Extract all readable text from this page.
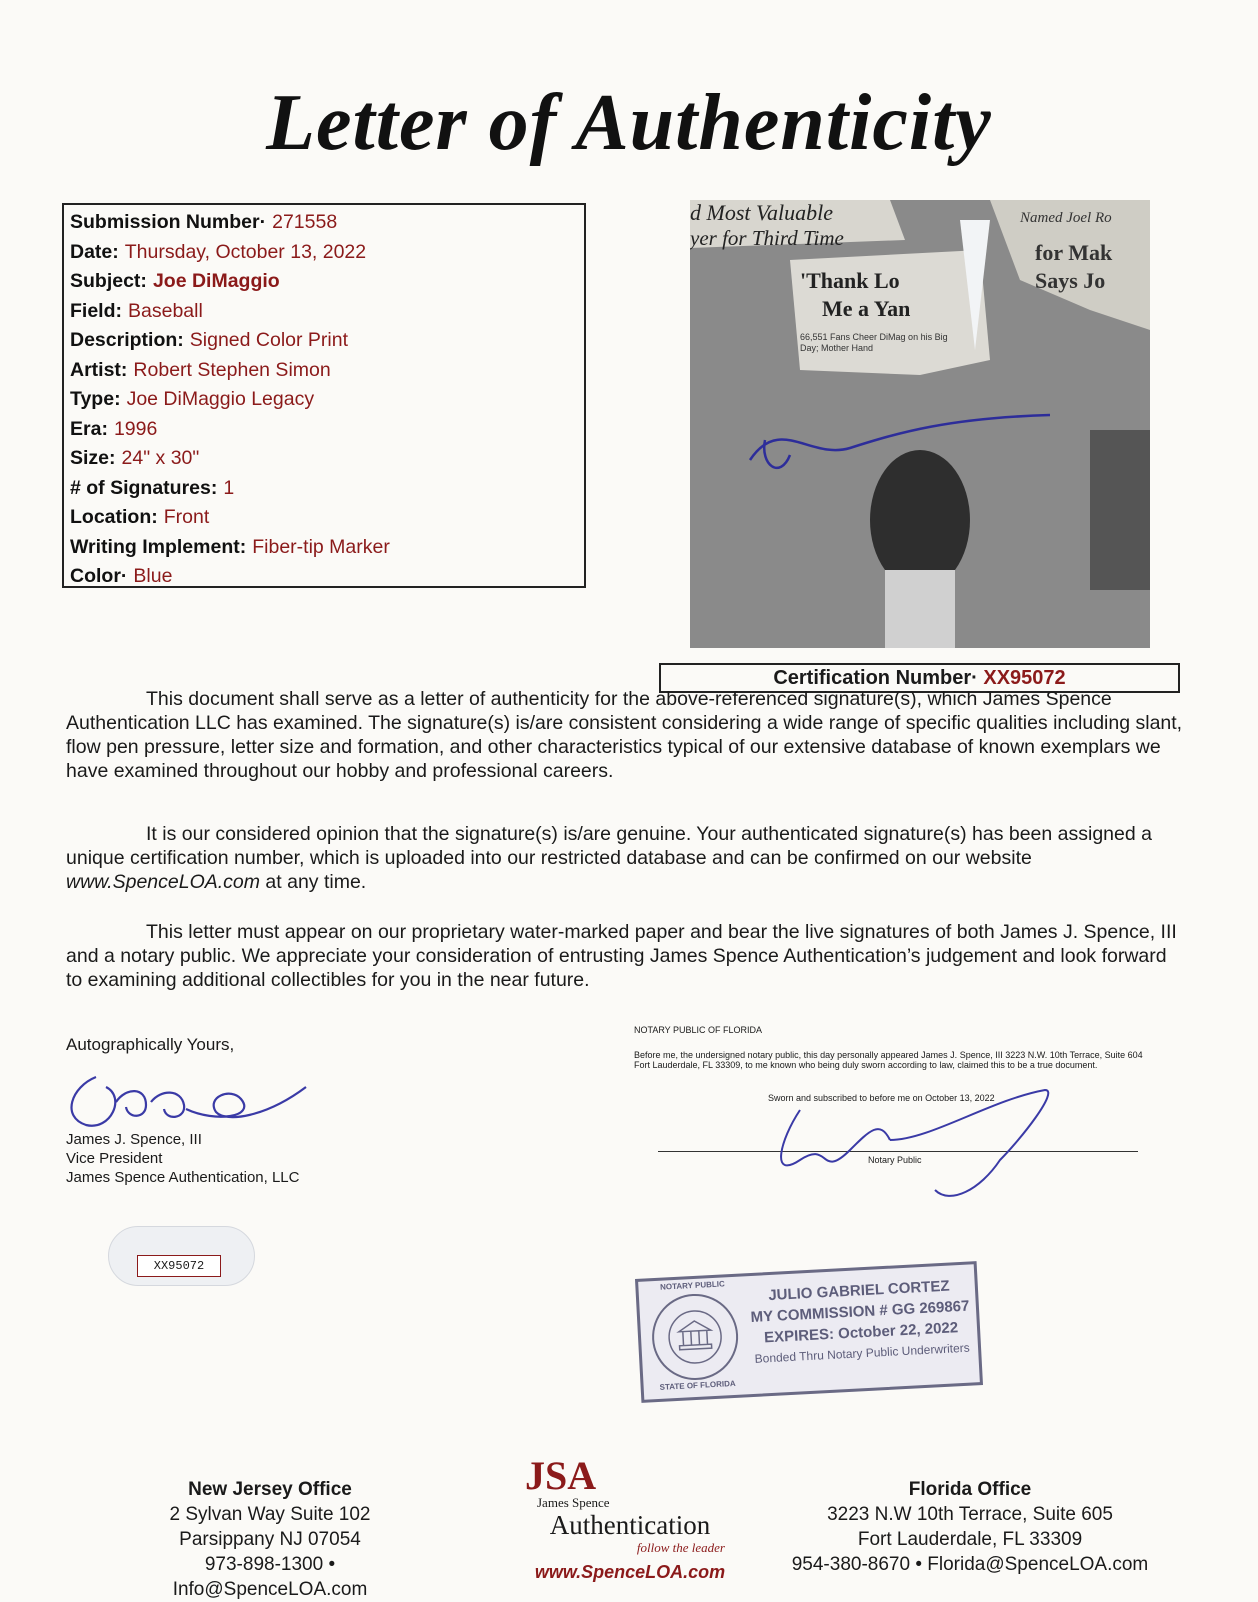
Letter of Authenticity
Submission Number· 271558
Date: Thursday, October 13, 2022
Subject: Joe DiMaggio
Field: Baseball
Description: Signed Color Print
Artist: Robert Stephen Simon
Type: Joe DiMaggio Legacy
Era: 1996
Size: 24" x 30"
# of Signatures: 1
Location: Front
Writing Implement: Fiber-tip Marker
Color· Blue
d Most Valuable
yer for Third Time
'Thank Lo
Me a Yan
Named Joel Ro
for Mak
Says Jo
66,551 Fans Cheer DiMag on his Big Day; Mother Hand
Certification Number· XX95072

This document shall serve as a letter of authenticity for the above-referenced signature(s), which James Spence Authentication LLC has examined. The signature(s) is/are consistent considering a wide range of specific qualities including slant, flow pen pressure, letter size and formation, and other characteristics typical of our extensive database of known exemplars we have examined throughout our hobby and professional careers.

It is our considered opinion that the signature(s) is/are genuine. Your authenticated signature(s) has been assigned a unique certification number, which is uploaded into our restricted database and can be confirmed on our website www.SpenceLOA.com at any time.

This letter must appear on our proprietary water-marked paper and bear the live signatures of both James J. Spence, III and a notary public. We appreciate your consideration of entrusting James Spence Authentication’s judgement and look forward to examining additional collectibles for you in the near future.

Autographically Yours,
James J. Spence, III
Vice President
James Spence Authentication, LLC
XX95072
NOTARY PUBLIC OF FLORIDA
Before me, the undersigned notary public, this day personally appeared James J. Spence, III 3223 N.W. 10th Terrace, Suite 604 Fort Lauderdale, FL 33309, to me known who being duly sworn according to law, claimed this to be a true document.
Sworn and subscribed to before me on October 13, 2022
Notary Public
NOTARY PUBLIC
STATE OF FLORIDA
JULIO GABRIEL CORTEZ
MY COMMISSION # GG 269867
EXPIRES: October 22, 2022
Bonded Thru Notary Public Underwriters
New Jersey Office
2 Sylvan Way Suite 102
Parsippany NJ 07054
973-898-1300 • Info@SpenceLOA.com
Florida Office
3223 N.W 10th Terrace, Suite 605
Fort Lauderdale, FL 33309
954-380-8670 • Florida@SpenceLOA.com
JSA
James Spence
Authentication
follow the leader
www.SpenceLOA.com
